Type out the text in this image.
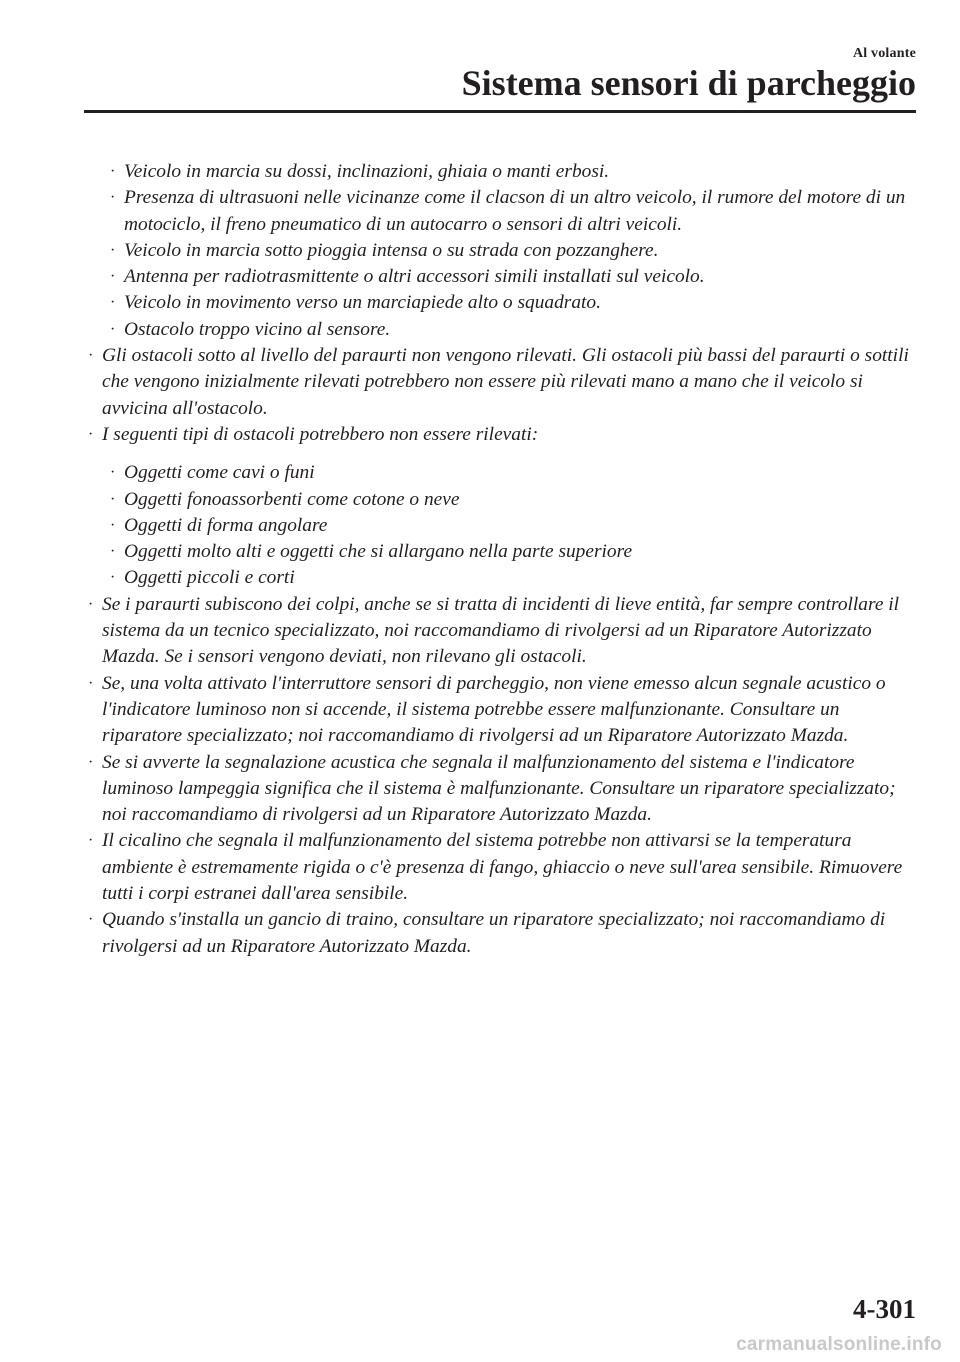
Al volante
Sistema sensori di parcheggio
· Veicolo in marcia su dossi, inclinazioni, ghiaia o manti erbosi.
· Presenza di ultrasuoni nelle vicinanze come il clacson di un altro veicolo, il rumore del motore di un motociclo, il freno pneumatico di un autocarro o sensori di altri veicoli.
· Veicolo in marcia sotto pioggia intensa o su strada con pozzanghere.
· Antenna per radiotrasmittente o altri accessori simili installati sul veicolo.
· Veicolo in movimento verso un marciapiede alto o squadrato.
· Ostacolo troppo vicino al sensore.
· Gli ostacoli sotto al livello del paraurti non vengono rilevati. Gli ostacoli più bassi del paraurti o sottili che vengono inizialmente rilevati potrebbero non essere più rilevati mano a mano che il veicolo si avvicina all'ostacolo.
· I seguenti tipi di ostacoli potrebbero non essere rilevati:
· Oggetti come cavi o funi
· Oggetti fonoassorbenti come cotone o neve
· Oggetti di forma angolare
· Oggetti molto alti e oggetti che si allargano nella parte superiore
· Oggetti piccoli e corti
· Se i paraurti subiscono dei colpi, anche se si tratta di incidenti di lieve entità, far sempre controllare il sistema da un tecnico specializzato, noi raccomandiamo di rivolgersi ad un Riparatore Autorizzato Mazda. Se i sensori vengono deviati, non rilevano gli ostacoli.
· Se, una volta attivato l'interruttore sensori di parcheggio, non viene emesso alcun segnale acustico o l'indicatore luminoso non si accende, il sistema potrebbe essere malfunzionante. Consultare un riparatore specializzato; noi raccomandiamo di rivolgersi ad un Riparatore Autorizzato Mazda.
· Se si avverte la segnalazione acustica che segnala il malfunzionamento del sistema e l'indicatore luminoso lampeggia significa che il sistema è malfunzionante. Consultare un riparatore specializzato; noi raccomandiamo di rivolgersi ad un Riparatore Autorizzato Mazda.
· Il cicalino che segnala il malfunzionamento del sistema potrebbe non attivarsi se la temperatura ambiente è estremamente rigida o c'è presenza di fango, ghiaccio o neve sull'area sensibile. Rimuovere tutti i corpi estranei dall'area sensibile.
· Quando s'installa un gancio di traino, consultare un riparatore specializzato; noi raccomandiamo di rivolgersi ad un Riparatore Autorizzato Mazda.
4-301
carmanualsonline.info
